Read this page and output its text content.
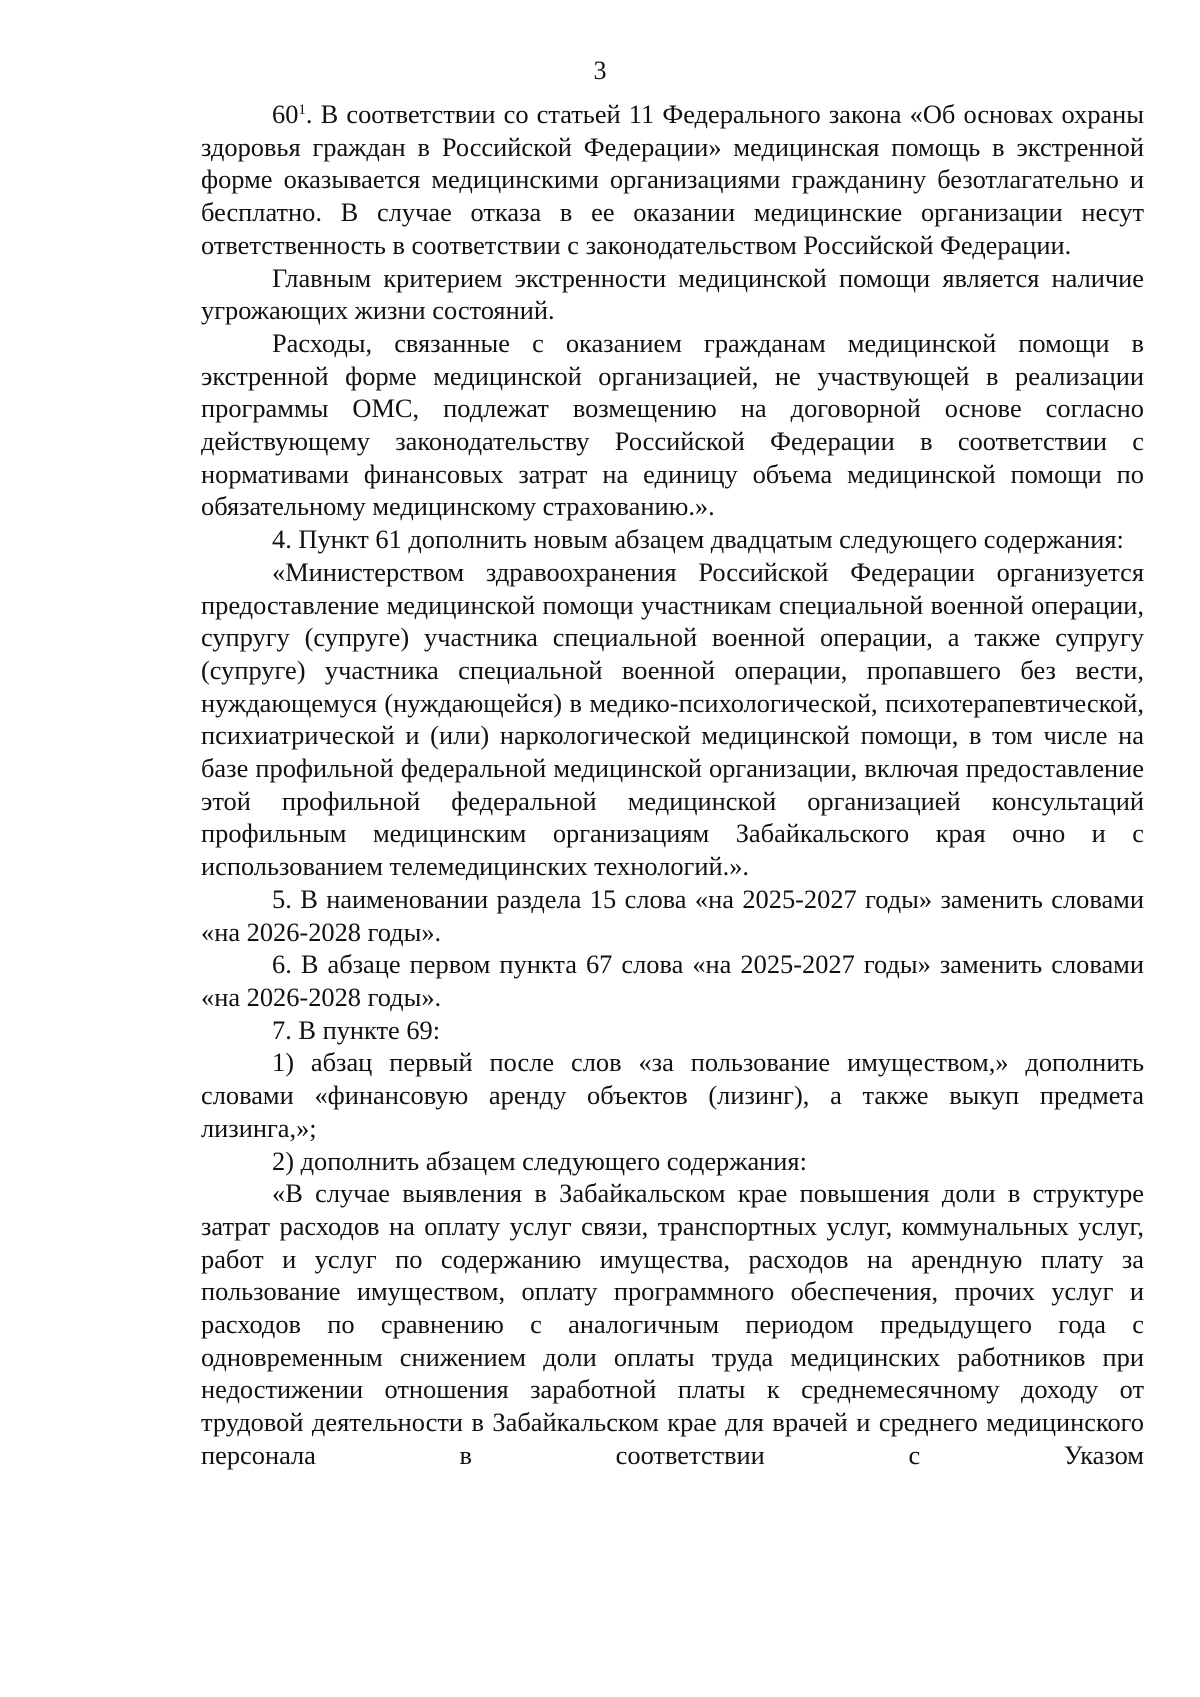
3

$60^1$. В соответствии со статьей 11 Федерального закона «Об основах охраны здоровья граждан в Российской Федерации» медицинская помощь в экстренной форме оказывается медицинскими организациями гражданину безотлагательно и бесплатно. В случае отказа в ее оказании медицинские организации несут ответственность в соответствии с законодательством Российской Федерации.

Главным критерием экстренности медицинской помощи является наличие угрожающих жизни состояний.

Расходы, связанные с оказанием гражданам медицинской помощи в экстренной форме медицинской организацией, не участвующей в реализации программы ОМС, подлежат возмещению на договорной основе согласно действующему законодательству Российской Федерации в соответствии с нормативами финансовых затрат на единицу объема медицинской помощи по обязательному медицинскому страхованию.».

4. Пункт 61 дополнить новым абзацем двадцатым следующего содержания:

«Министерством здравоохранения Российской Федерации организуется предоставление медицинской помощи участникам специальной военной операции, супругу (супруге) участника специальной военной операции, а также супругу (супруге) участника специальной военной операции, пропавшего без вести, нуждающемуся (нуждающейся) в медико-психологической, психотерапевтической, психиатрической и (или) наркологической медицинской помощи, в том числе на базе профильной федеральной медицинской организации, включая предоставление этой профильной федеральной медицинской организацией консультаций профильным медицинским организациям Забайкальского края очно и с использованием телемедицинских технологий.».

5. В наименовании раздела 15 слова «на 2025-2027 годы» заменить словами «на 2026-2028 годы».

6. В абзаце первом пункта 67 слова «на 2025-2027 годы» заменить словами «на 2026-2028 годы».

7. В пункте 69:

1) абзац первый после слов «за пользование имуществом,» дополнить словами «финансовую аренду объектов (лизинг), а также выкуп предмета лизинга,»;

2) дополнить абзацем следующего содержания:

«В случае выявления в Забайкальском крае повышения доли в структуре затрат расходов на оплату услуг связи, транспортных услуг, коммунальных услуг, работ и услуг по содержанию имущества, расходов на арендную плату за пользование имуществом, оплату программного обеспечения, прочих услуг и расходов по сравнению с аналогичным периодом предыдущего года с одновременным снижением доли оплаты труда медицинских работников при недостижении отношения заработной платы к среднемесячному доходу от трудовой деятельности в Забайкальском крае для врачей и среднего медицинского персонала в соответствии с Указом
